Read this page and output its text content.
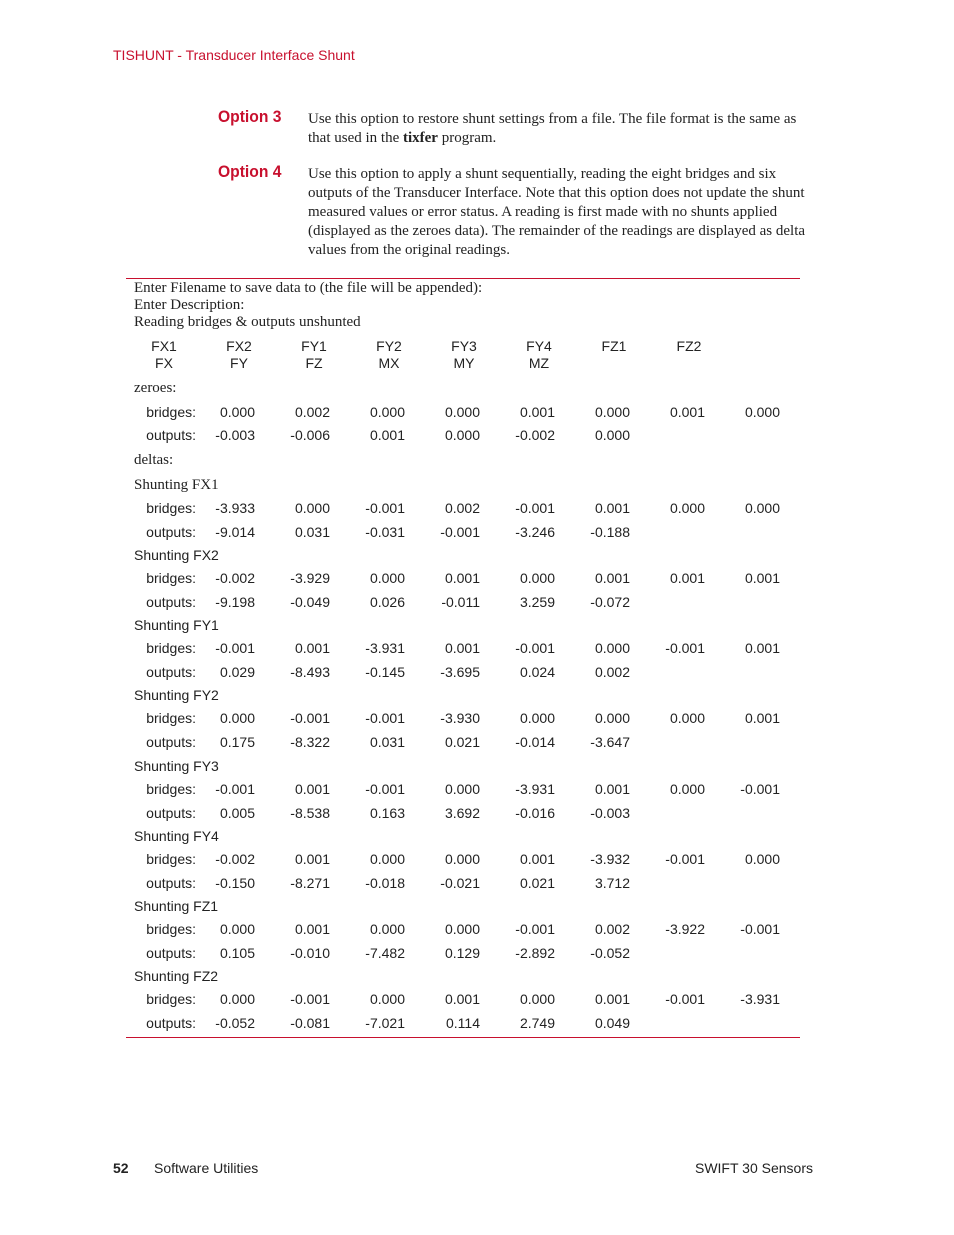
TISHUNT - Transducer Interface Shunt
Option 3 Use this option to restore shunt settings from a file. The file format is the same as that used in the tixfer program.
Option 4 Use this option to apply a shunt sequentially, reading the eight bridges and six outputs of the Transducer Interface. Note that this option does not update the shunt measured values or error status. A reading is first made with no shunts applied (displayed as the zeroes data). The remainder of the readings are displayed as delta values from the original readings.
Enter Filename to save data to (the file will be appended):
Enter Description:
Reading bridges & outputs unshunted
FX1	FX2	FY1	FY2	FY3	FY4	FZ1	FZ2
FX	FY	FZ	MX	MY	MZ
zeroes:
bridges:	0.000	0.002	0.000	0.000	0.001	0.000	0.001	0.000
outputs:	-0.003	-0.006	0.001	0.000	-0.002	0.000
deltas:
Shunting FX1
bridges:	-3.933	0.000	-0.001	0.002	-0.001	0.001	0.000	0.000
outputs:	-9.014	0.031	-0.031	-0.001	-3.246	-0.188
Shunting FX2
bridges:	-0.002	-3.929	0.000	0.001	0.000	0.001	0.001	0.001
outputs:	-9.198	-0.049	0.026	-0.011	3.259	-0.072
Shunting FY1
bridges:	-0.001	0.001	-3.931	0.001	-0.001	0.000	-0.001	0.001
outputs:	0.029	-8.493	-0.145	-3.695	0.024	0.002
Shunting FY2
bridges:	0.000	-0.001	-0.001	-3.930	0.000	0.000	0.000	0.001
outputs:	0.175	-8.322	0.031	0.021	-0.014	-3.647
Shunting FY3
bridges:	-0.001	0.001	-0.001	0.000	-3.931	0.001	0.000	-0.001
outputs:	0.005	-8.538	0.163	3.692	-0.016	-0.003
Shunting FY4
bridges:	-0.002	0.001	0.000	0.000	0.001	-3.932	-0.001	0.000
outputs:	-0.150	-8.271	-0.018	-0.021	0.021	3.712
Shunting FZ1
bridges:	0.000	0.001	0.000	0.000	-0.001	0.002	-3.922	-0.001
outputs:	0.105	-0.010	-7.482	0.129	-2.892	-0.052
Shunting FZ2
bridges:	0.000	-0.001	0.000	0.001	0.000	0.001	-0.001	-3.931
outputs:	-0.052	-0.081	-7.021	0.114	2.749	0.049
52 Software Utilities	SWIFT 30 Sensors
